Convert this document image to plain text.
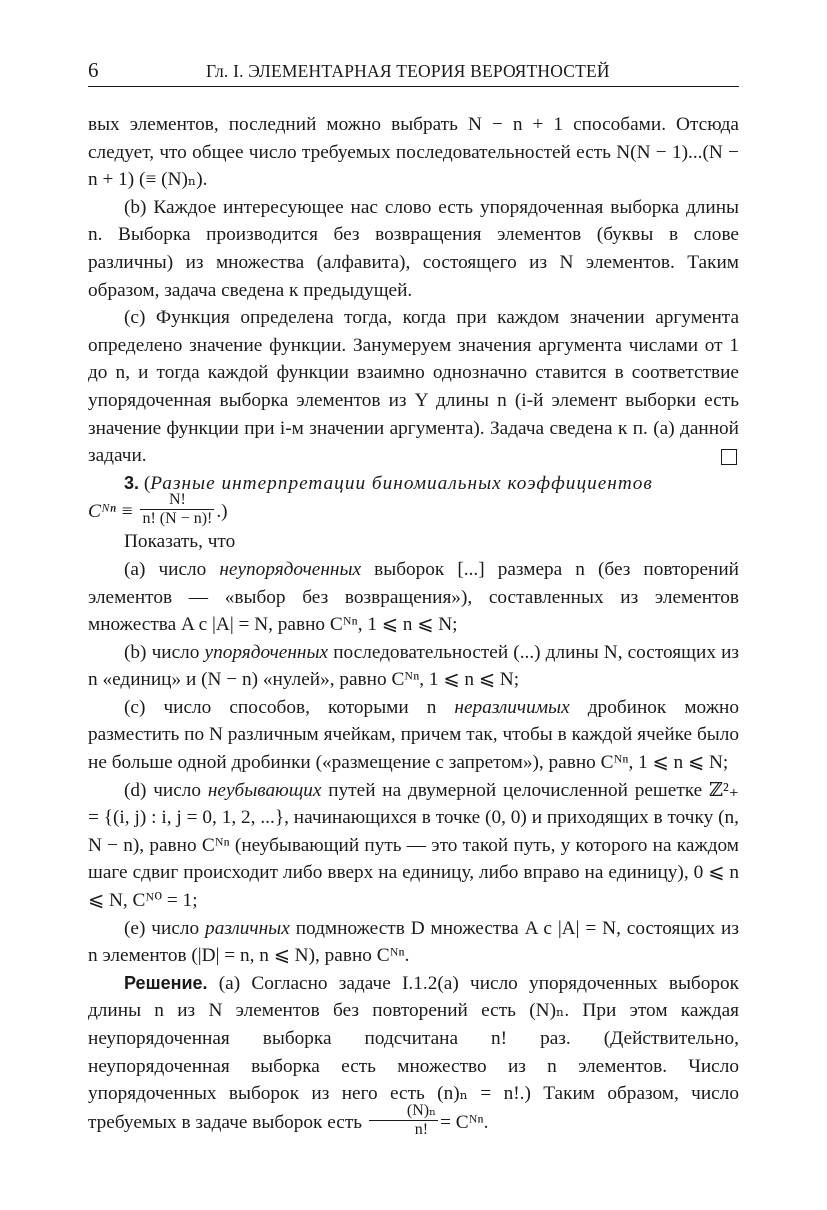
6	Гл. I. ЭЛЕМЕНТАРНАЯ ТЕОРИЯ ВЕРОЯТНОСТЕЙ

вых элементов, последний можно выбрать N − n + 1 способами. Отсюда следует, что общее число требуемых последовательностей есть N(N − 1)...(N − n + 1) (≡ (N)ₙ).

(b) Каждое интересующее нас слово есть упорядоченная выборка длины n. Выборка производится без возвращения элементов (буквы в слове различны) из множества (алфавита), состоящего из N элементов. Таким образом, задача сведена к предыдущей.

(c) Функция определена тогда, когда при каждом значении аргумента определено значение функции. Занумеруем значения аргумента числами от 1 до n, и тогда каждой функции взаимно однозначно ставится в соответствие упорядоченная выборка элементов из Y длины n (i-й элемент выборки есть значение функции при i-м значении аргумента). Задача сведена к п. (a) данной задачи.

3. (Разные интерпретации биномиальных коэффициентов

Cᴺⁿ ≡ $\frac{N!}{n! (N - n)!}$ .)

Показать, что

(a) число неупорядоченных выборок [...] размера n (без повторений элементов — «выбор без возвращения»), составленных из элементов множества A с |A| = N, равно Cᴺⁿ, 1 ⩽ n ⩽ N;

(b) число упорядоченных последовательностей (...) длины N, состоящих из n «единиц» и (N − n) «нулей», равно Cᴺⁿ, 1 ⩽ n ⩽ N;

(c) число способов, которыми n неразличимых дробинок можно разместить по N различным ячейкам, причем так, чтобы в каждой ячейке было не больше одной дробинки («размещение с запретом»), равно Cᴺⁿ, 1 ⩽ n ⩽ N;

(d) число неубывающих путей на двумерной целочисленной решетке ℤ²₊ = {(i, j) : i, j = 0, 1, 2, ...}, начинающихся в точке (0, 0) и приходящих в точку (n, N − n), равно Cᴺⁿ (неубывающий путь — это такой путь, у которого на каждом шаге сдвиг происходит либо вверх на единицу, либо вправо на единицу), 0 ⩽ n ⩽ N, Cᴺ⁰ = 1;

(e) число различных подмножеств D множества A с |A| = N, состоящих из n элементов (|D| = n, n ⩽ N), равно Cᴺⁿ.

Решение. (a) Согласно задаче I.1.2(a) число упорядоченных выборок длины n из N элементов без повторений есть (N)ₙ. При этом каждая неупорядоченная выборка подсчитана n! раз. (Действительно, неупорядоченная выборка есть множество из n элементов. Число упорядоченных выборок из него есть (n)ₙ = n!.) Таким образом, число требуемых в задаче выборок есть $\frac{\text{(N)ₙ}}{n!}$ = Cᴺⁿ.
